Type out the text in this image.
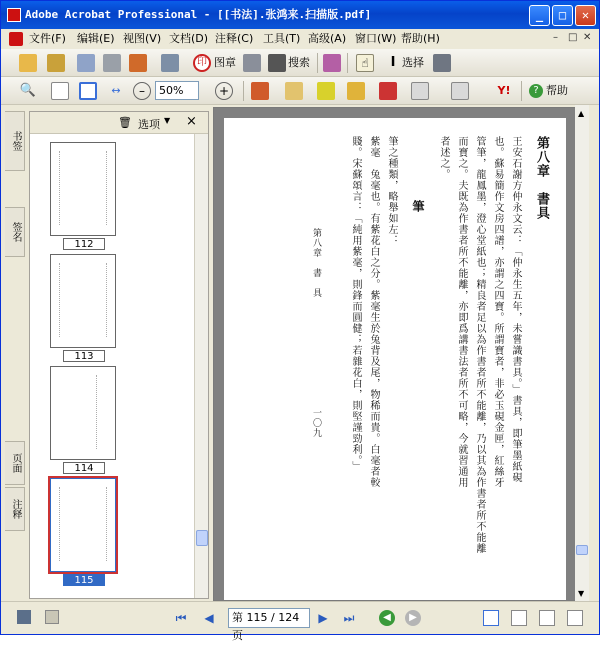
Adobe Acrobat Professional - [[书法].张鸿来.扫描版.pdf]	_	□	✕
文件(F) 编辑(E) 视图(V) 文档(D) 注释(C) 工具(T) 高级(A) 窗口(W) 帮助(H)	– □ ✕
印 图章	搜索	☝	I 选择
🔍	↔	–	50%	+	Y!	? 帮助
书签
签名
页面
注释
🗑 选项 ▼ ×
112
113
114
115
第八章　書具
王安石謝方仲永文云：「仲永生五年，未嘗識書具。」書具，即筆墨紙硯
也。蘇易簡作文房四譜，亦謂之四寶。所謂寶者，非必玉硯金匣，紅絲牙
管筆，龍鳳墨，澄心堂紙也；精良者足以為作書者所不能離，乃以其為作書者所不能離
而寶之。夫既為作書者所不能離，亦即爲講書法者所不可略，今就習通用
者述之。
筆
筆之種類，略舉如左：
紫毫　兔毫也。有紫花白之分。紫毫生於兔背及尾，物稀而貴。白毫者較
賤。宋蘇頌言：「純用紫毫，則鋒而圓健；若雜花白，則堅謹勁利。」
第八章　書　具
一〇九
▲
▼
⏮ ◀	第 115 / 124 页
▶ ⏭	◀	▶
